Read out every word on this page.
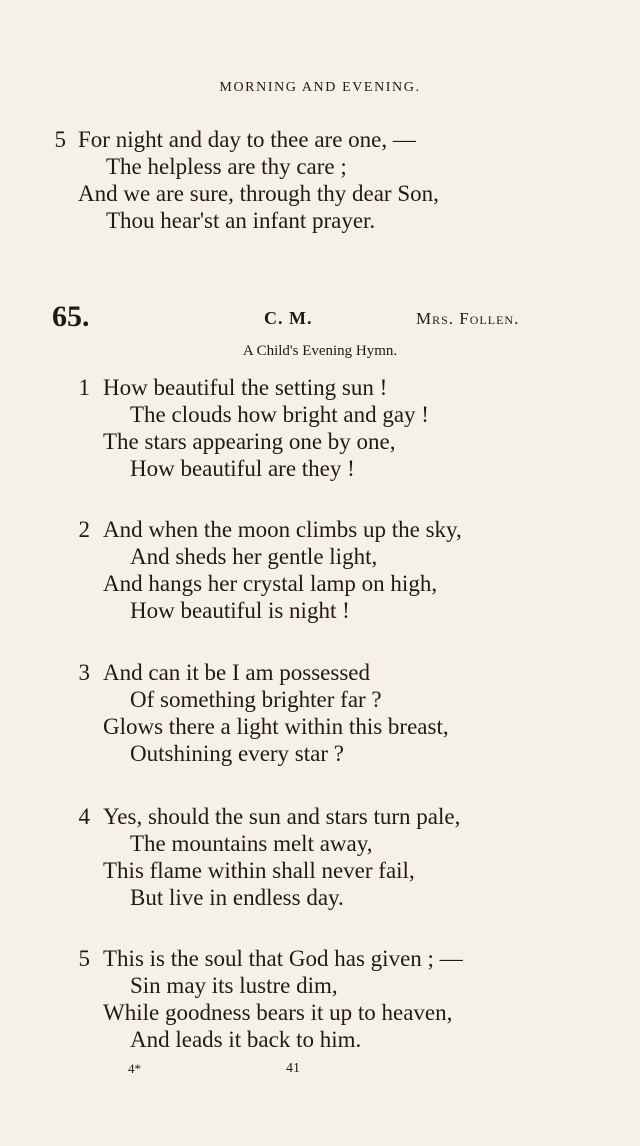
MORNING AND EVENING.
5 For night and day to thee are one, —
The helpless are thy care ;
And we are sure, through thy dear Son,
Thou hear'st an infant prayer.
65.	C. M.	Mrs. Follen.
A Child's Evening Hymn.
1 How beautiful the setting sun !
The clouds how bright and gay !
The stars appearing one by one,
How beautiful are they !
2 And when the moon climbs up the sky,
And sheds her gentle light,
And hangs her crystal lamp on high,
How beautiful is night !
3 And can it be I am possessed
Of something brighter far ?
Glows there a light within this breast,
Outshining every star ?
4 Yes, should the sun and stars turn pale,
The mountains melt away,
This flame within shall never fail,
But live in endless day.
5 This is the soul that God has given ; —
Sin may its lustre dim,
While goodness bears it up to heaven,
And leads it back to him.
4*	41
